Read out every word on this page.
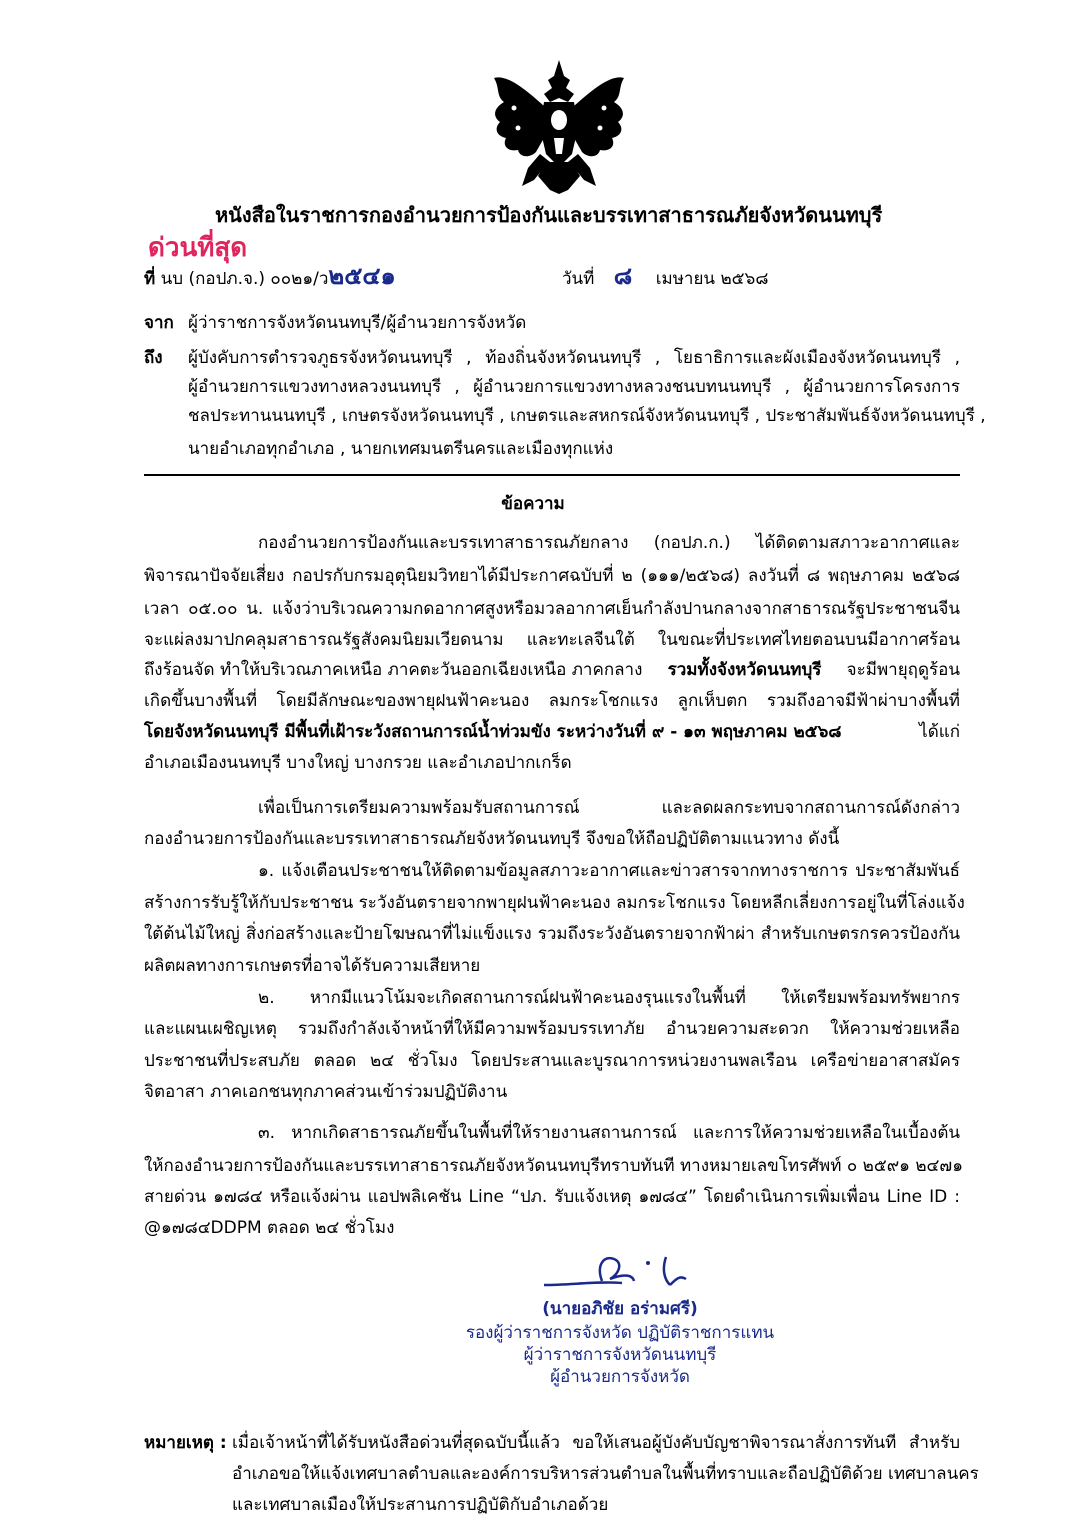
หนังสือในราชการกองอำนวยการป้องกันและบรรเทาสาธารณภัยจังหวัดนนทบุรี
ด่วนที่สุด
ที่ นบ (กอปภ.จ.) ๐๐๒๑/ว๒๕๔๑	วันที่ ๘ เมษายน ๒๕๖๘
จาก ผู้ว่าราชการจังหวัดนนทบุรี/ผู้อำนวยการจังหวัด
ถึง ผู้บังคับการตำรวจภูธรจังหวัดนนทบุรี , ท้องถิ่นจังหวัดนนทบุรี , โยธาธิการและผังเมืองจังหวัดนนทบุรี ,
ผู้อำนวยการแขวงทางหลวงนนทบุรี , ผู้อำนวยการแขวงทางหลวงชนบทนนทบุรี , ผู้อำนวยการโครงการ
ชลประทานนนทบุรี , เกษตรจังหวัดนนทบุรี , เกษตรและสหกรณ์จังหวัดนนทบุรี , ประชาสัมพันธ์จังหวัดนนทบุรี ,
นายอำเภอทุกอำเภอ , นายกเทศมนตรีนครและเมืองทุกแห่ง
ข้อความ
กองอำนวยการป้องกันและบรรเทาสาธารณภัยกลาง (กอปภ.ก.) ได้ติดตามสภาวะอากาศและ
พิจารณาปัจจัยเสี่ยง กอปรกับกรมอุตุนิยมวิทยาได้มีประกาศฉบับที่ ๒ (๑๑๑/๒๕๖๘) ลงวันที่ ๘ พฤษภาคม ๒๕๖๘
เวลา ๐๕.๐๐ น. แจ้งว่าบริเวณความกดอากาศสูงหรือมวลอากาศเย็นกำลังปานกลางจากสาธารณรัฐประชาชนจีน
จะแผ่ลงมาปกคลุมสาธารณรัฐสังคมนิยมเวียดนาม และทะเลจีนใต้ ในขณะที่ประเทศไทยตอนบนมีอากาศร้อน
ถึงร้อนจัด ทำให้บริเวณภาคเหนือ ภาคตะวันออกเฉียงเหนือ ภาคกลาง รวมทั้งจังหวัดนนทบุรี จะมีพายุฤดูร้อน
เกิดขึ้นบางพื้นที่ โดยมีลักษณะของพายุฝนฟ้าคะนอง ลมกระโชกแรง ลูกเห็บตก รวมถึงอาจมีฟ้าผ่าบางพื้นที่
โดยจังหวัดนนทบุรี มีพื้นที่เฝ้าระวังสถานการณ์น้ำท่วมขัง ระหว่างวันที่ ๙ - ๑๓ พฤษภาคม ๒๕๖๘	ได้แก่
อำเภอเมืองนนทบุรี บางใหญ่ บางกรวย และอำเภอปากเกร็ด
เพื่อเป็นการเตรียมความพร้อมรับสถานการณ์ และลดผลกระทบจากสถานการณ์ดังกล่าว
กองอำนวยการป้องกันและบรรเทาสาธารณภัยจังหวัดนนทบุรี จึงขอให้ถือปฏิบัติตามแนวทาง ดังนี้
๑. แจ้งเตือนประชาชนให้ติดตามข้อมูลสภาวะอากาศและข่าวสารจากทางราชการ ประชาสัมพันธ์
สร้างการรับรู้ให้กับประชาชน ระวังอันตรายจากพายุฝนฟ้าคะนอง ลมกระโชกแรง โดยหลีกเลี่ยงการอยู่ในที่โล่งแจ้ง
ใต้ต้นไม้ใหญ่ สิ่งก่อสร้างและป้ายโฆษณาที่ไม่แข็งแรง รวมถึงระวังอันตรายจากฟ้าผ่า สำหรับเกษตรกรควรป้องกัน
ผลิตผลทางการเกษตรที่อาจได้รับความเสียหาย
๒. หากมีแนวโน้มจะเกิดสถานการณ์ฝนฟ้าคะนองรุนแรงในพื้นที่ ให้เตรียมพร้อมทรัพยากร
และแผนเผชิญเหตุ รวมถึงกำลังเจ้าหน้าที่ให้มีความพร้อมบรรเทาภัย อำนวยความสะดวก ให้ความช่วยเหลือ
ประชาชนที่ประสบภัย ตลอด ๒๔ ชั่วโมง โดยประสานและบูรณาการหน่วยงานพลเรือน เครือข่ายอาสาสมัคร
จิตอาสา ภาคเอกชนทุกภาคส่วนเข้าร่วมปฏิบัติงาน
๓. หากเกิดสาธารณภัยขึ้นในพื้นที่ให้รายงานสถานการณ์ และการให้ความช่วยเหลือในเบื้องต้น
ให้กองอำนวยการป้องกันและบรรเทาสาธารณภัยจังหวัดนนทบุรีทราบทันที ทางหมายเลขโทรศัพท์ ๐ ๒๕๙๑ ๒๔๗๑
สายด่วน ๑๗๘๔ หรือแจ้งผ่าน แอปพลิเคชัน Line “ปภ. รับแจ้งเหตุ ๑๗๘๔” โดยดำเนินการเพิ่มเพื่อน Line ID :
@๑๗๘๔DDPM ตลอด ๒๔ ชั่วโมง
(นายอภิชัย อร่ามศรี)
รองผู้ว่าราชการจังหวัด ปฏิบัติราชการแทน
ผู้ว่าราชการจังหวัดนนทบุรี
ผู้อำนวยการจังหวัด
หมายเหตุ : เมื่อเจ้าหน้าที่ได้รับหนังสือด่วนที่สุดฉบับนี้แล้ว ขอให้เสนอผู้บังคับบัญชาพิจารณาสั่งการทันที สำหรับ
อำเภอขอให้แจ้งเทศบาลตำบลและองค์การบริหารส่วนตำบลในพื้นที่ทราบและถือปฏิบัติด้วย เทศบาลนคร
และเทศบาลเมืองให้ประสานการปฏิบัติกับอำเภอด้วย
